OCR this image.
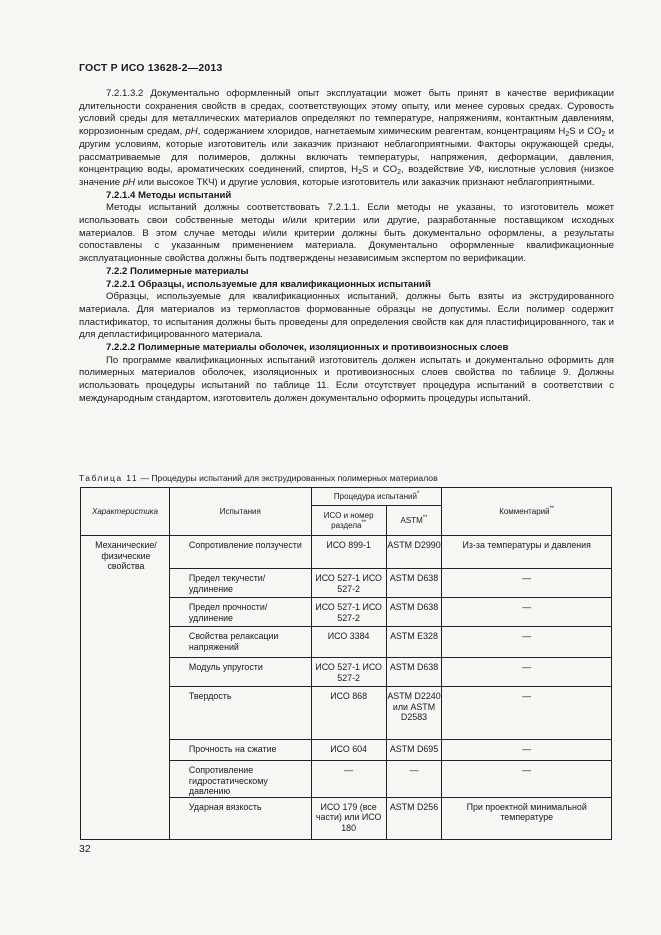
ГОСТ Р ИСО 13628-2—2013

7.2.1.3.2 Документально оформленный опыт эксплуатации может быть принят в качестве верификации длительности сохранения свойств в средах, соответствующих этому опыту, или менее суровых средах. Суровость условий среды для металлических материалов определяют по температуре, напряжениям, контактным давлениям, коррозионным средам, pH, содержанием хлоридов, нагнетаемым химическим реагентам, концентрациям $H_2S$ и $CO_2$ и другим условиям, которые изготовитель или заказчик признают неблагоприятными. Факторы окружающей среды, рассматриваемые для полимеров, должны включать температуры, напряжения, деформации, давления, концентрацию воды, ароматических соединений, спиртов, $H_2S$ и $CO_2$, воздействие УФ, кислотные условия (низкое значение pH или высокое ТКЧ) и другие условия, которые изготовитель или заказчик признают неблагоприятными.

7.2.1.4 Методы испытаний

Методы испытаний должны соответствовать 7.2.1.1. Если методы не указаны, то изготовитель может использовать свои собственные методы и/или критерии или другие, разработанные поставщиком исходных материалов. В этом случае методы и/или критерии должны быть документально оформлены, а результаты сопоставлены с указанным применением материала. Документально оформленные квалификационные эксплуатационные свойства должны быть подтверждены независимым экспертом по верификации.

7.2.2 Полимерные материалы

7.2.2.1 Образцы, используемые для квалификационных испытаний

Образцы, используемые для квалификационных испытаний, должны быть взяты из экструдированного материала. Для материалов из термопластов формованные образцы не допустимы. Если полимер содержит пластификатор, то испытания должны быть проведены для определения свойств как для пластифицированного, так и для депластифицированного материала.

7.2.2.2 Полимерные материалы оболочек, изоляционных и противоизносных слоев

По программе квалификационных испытаний изготовитель должен испытать и документально оформить для полимерных материалов оболочек, изоляционных и противоизносных слоев свойства по таблице 9. Должны использовать процедуры испытаний по таблице 11. Если отсутствует процедура испытаний в соответствии с международным стандартом, изготовитель должен документально оформить процедуры испытаний.

Таблица 11 — Процедуры испытаний для экструдированных полимерных материалов
Характеристика	Испытания	Процедура испытаний*		Комментарий**
		ИСО и номер раздела**	ASTM**
Механические/физические свойства	Сопротивление ползучести	ИСО 899-1	ASTM D2990	Из-за температуры и давления
	Предел текучести/удлинение	ИСО 527-1 ИСО 527-2	ASTM D638	—
	Предел прочности/удлинение	ИСО 527-1 ИСО 527-2	ASTM D638	—
	Свойства релаксации напряжений	ИСО 3384	ASTM E328	—
	Модуль упругости	ИСО 527-1 ИСО 527-2	ASTM D638	—
	Твердость	ИСО 868	ASTM D2240 или ASTM D2583	—
	Прочность на сжатие	ИСО 604	ASTM D695	—
	Сопротивление гидростатическому давлению	—	—	—
	Ударная вязкость	ИСО 179 (все части) или ИСО 180	ASTM D256	При проектной минимальной температуре
32
